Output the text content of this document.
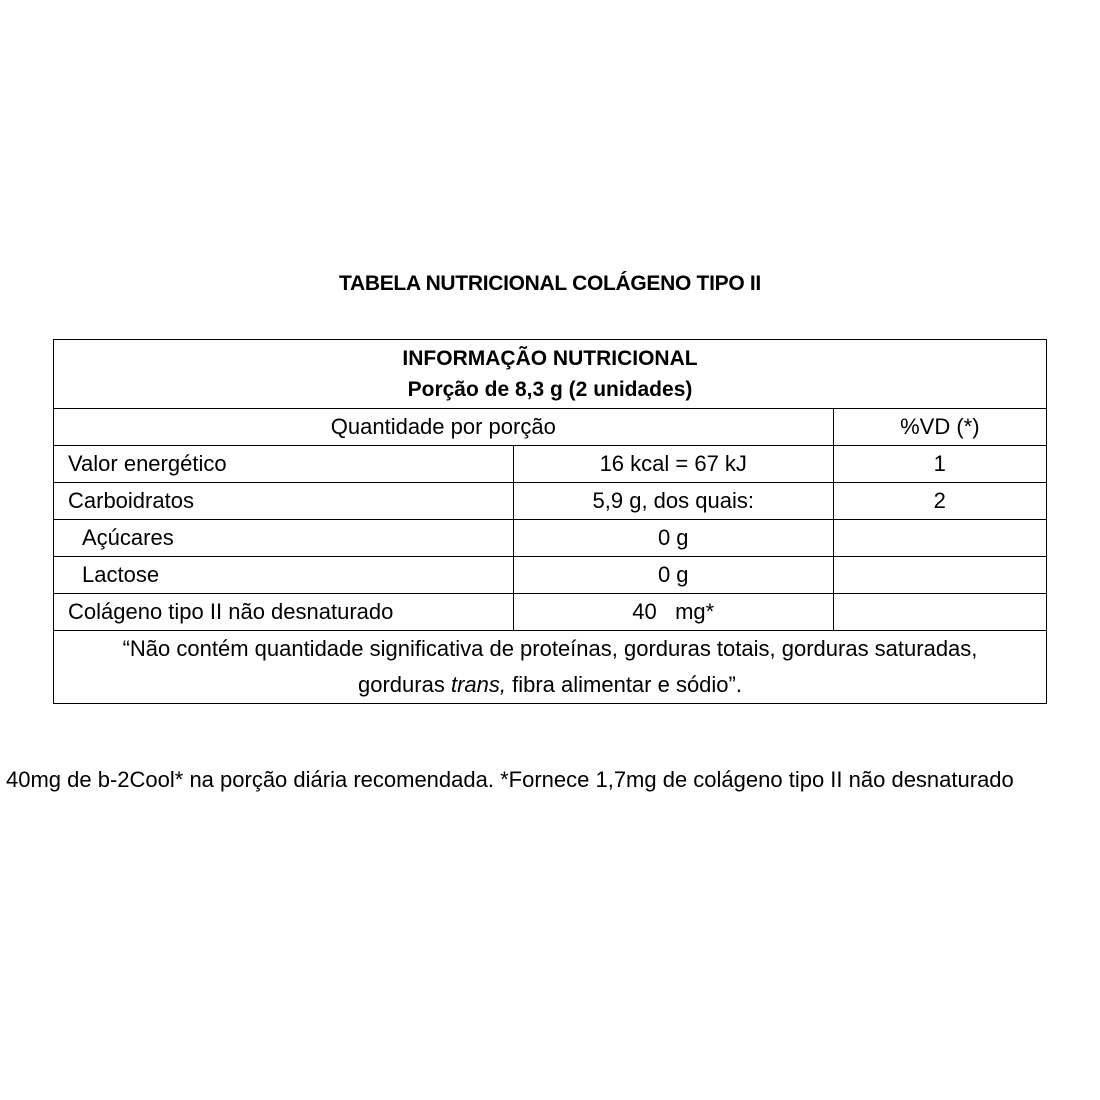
TABELA NUTRICIONAL COLÁGENO TIPO II
INFORMAÇÃO NUTRICIONAL
Porção de 8,3 g (2 unidades)		

Quantidade por porção		%VD (*)
Valor energético	16 kcal = 67 kJ	1
Carboidratos	5,9 g, dos quais:	2
Açúcares	0 g	
Lactose	0 g	
Colágeno tipo II não desnaturado	40   mg*	
“Não contém quantidade significativa de proteínas, gorduras totais, gorduras saturadas, gorduras trans, fibra alimentar e sódio”.		
40mg de b-2Cool* na porção diária recomendada. *Fornece 1,7mg de colágeno tipo II não desnaturado
